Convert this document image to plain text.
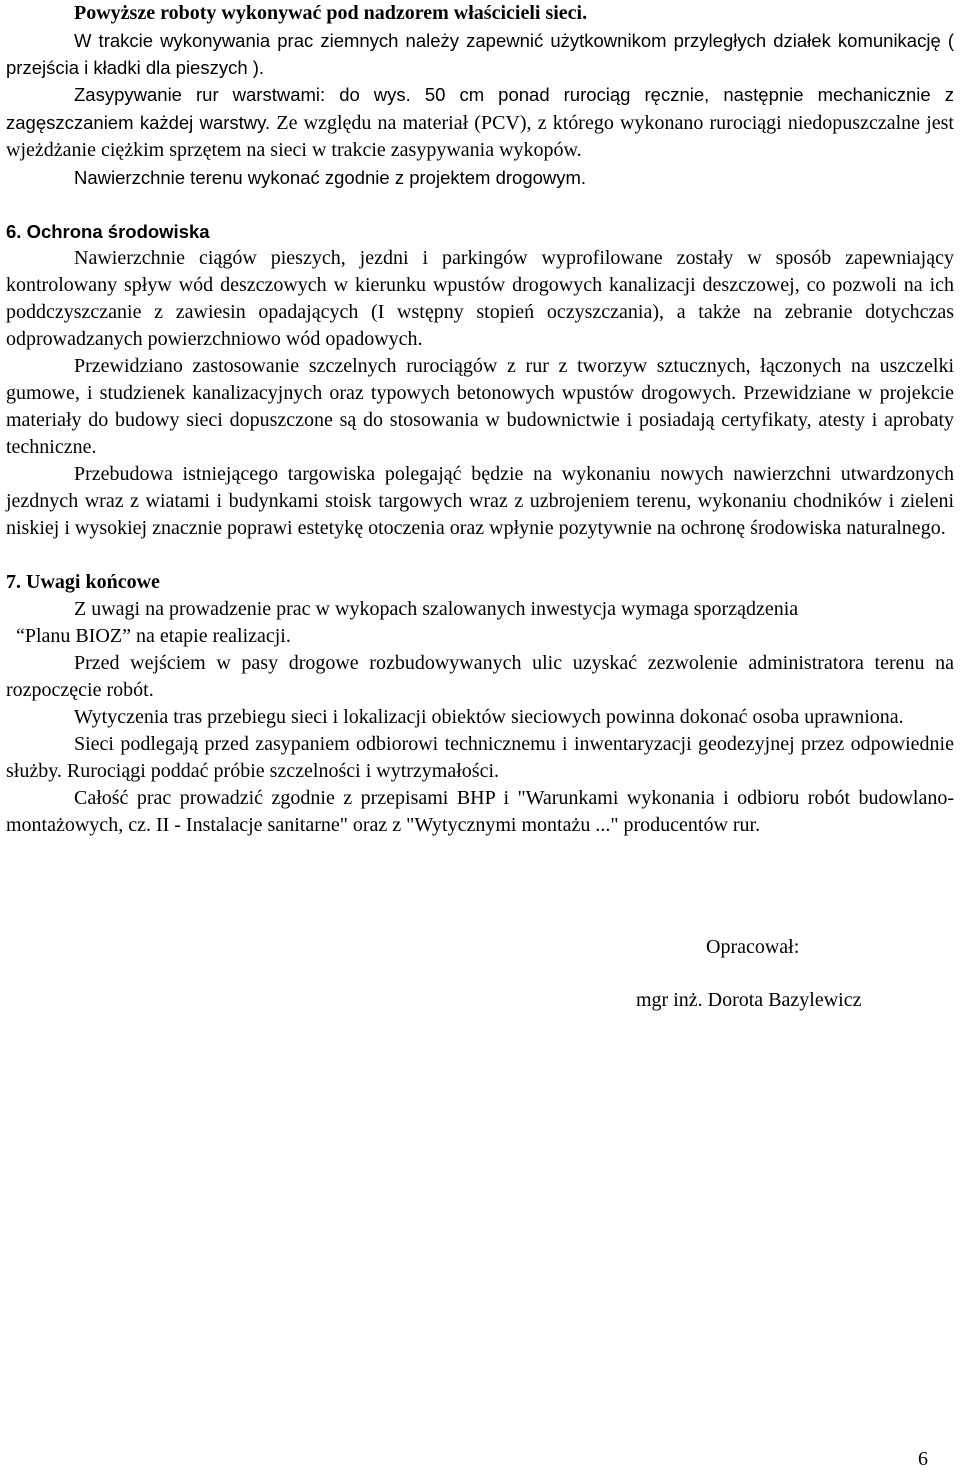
Powyższe roboty wykonywać pod nadzorem właścicieli sieci.

W trakcie wykonywania prac ziemnych należy zapewnić użytkownikom przyległych działek komunikację ( przejścia i kładki dla pieszych ).

Zasypywanie rur warstwami: do wys. 50 cm ponad rurociąg ręcznie, następnie mechanicznie z zagęszczaniem każdej warstwy. Ze względu na materiał (PCV), z którego wykonano rurociągi niedopuszczalne jest wjeżdżanie ciężkim sprzętem na sieci w trakcie zasypywania wykopów.

Nawierzchnie terenu wykonać zgodnie z projektem drogowym.

6. Ochrona środowiska

Nawierzchnie ciągów pieszych, jezdni i parkingów wyprofilowane zostały w sposób zapewniający kontrolowany spływ wód deszczowych w kierunku wpustów drogowych kanalizacji deszczowej, co pozwoli na ich poddczyszczanie z zawiesin opadających (I wstępny stopień oczyszczania), a także na zebranie dotychczas odprowadzanych powierzchniowo wód opadowych.

Przewidziano zastosowanie szczelnych rurociągów z rur z tworzyw sztucznych, łączonych na uszczelki gumowe, i studzienek kanalizacyjnych oraz typowych betonowych wpustów drogowych. Przewidziane w projekcie materiały do budowy sieci dopuszczone są do stosowania w budownictwie i posiadają certyfikaty, atesty i aprobaty techniczne.

Przebudowa istniejącego targowiska polegająć będzie na wykonaniu nowych nawierzchni utwardzonych jezdnych wraz z wiatami i budynkami stoisk targowych wraz z uzbrojeniem terenu, wykonaniu chodników i zieleni niskiej i wysokiej znacznie poprawi estetykę otoczenia oraz wpłynie pozytywnie na ochronę środowiska naturalnego.

7. Uwagi końcowe

Z uwagi na prowadzenie prac w wykopach szalowanych inwestycja wymaga sporządzenia

“Planu BIOZ” na etapie realizacji.

Przed wejściem w pasy drogowe rozbudowywanych ulic uzyskać zezwolenie administratora terenu na rozpoczęcie robót.

Wytyczenia tras przebiegu sieci i lokalizacji obiektów sieciowych powinna dokonać osoba uprawniona.

Sieci podlegają przed zasypaniem odbiorowi technicznemu i inwentaryzacji geodezyjnej przez odpowiednie służby. Rurociągi poddać próbie szczelności i wytrzymałości.

Całość prac prowadzić zgodnie z przepisami BHP i "Warunkami wykonania i odbioru robót budowlano- montażowych, cz. II - Instalacje sanitarne" oraz z "Wytycznymi montażu ..." producentów rur.

Opracował:
mgr inż. Dorota Bazylewicz
6
